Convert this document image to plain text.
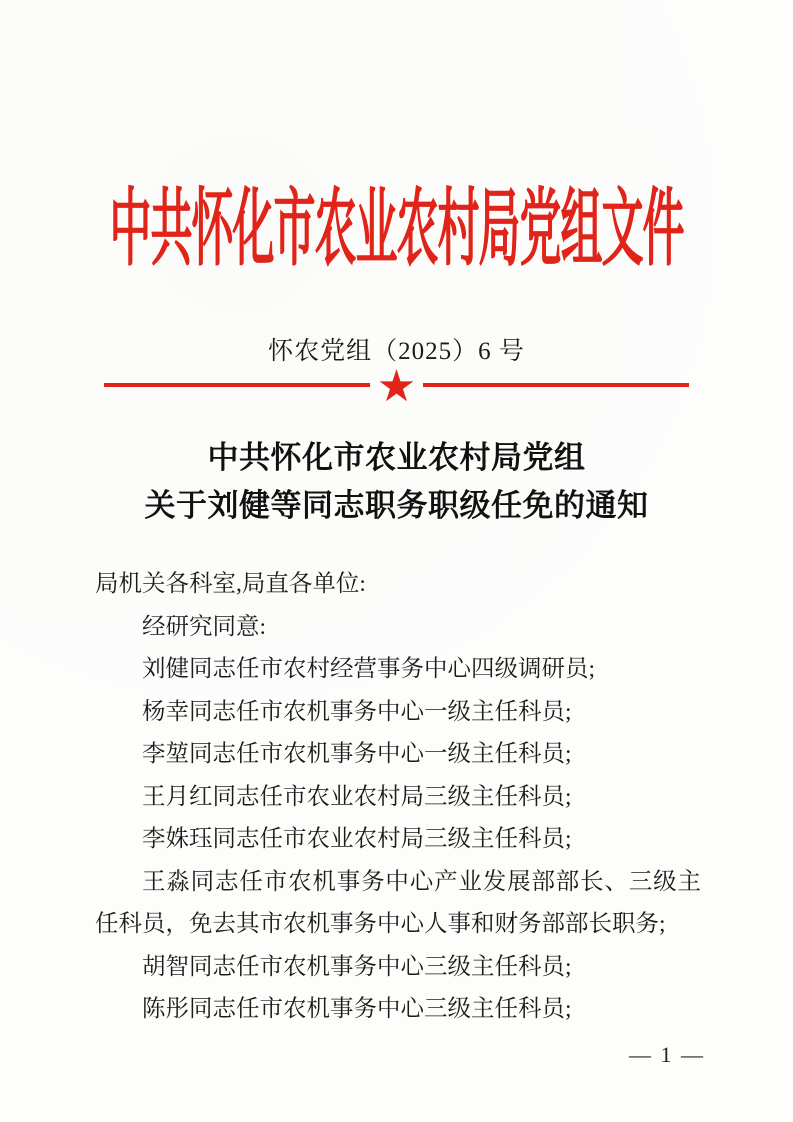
中共怀化市农业农村局党组文件
怀农党组（2025）6 号
★
中共怀化市农业农村局党组
关于刘健等同志职务职级任免的通知

局机关各科室,局直各单位:

经研究同意:

刘健同志任市农村经营事务中心四级调研员;

杨幸同志任市农机事务中心一级主任科员;

李堃同志任市农机事务中心一级主任科员;

王月红同志任市农业农村局三级主任科员;

李姝珏同志任市农业农村局三级主任科员;

王淼同志任市农机事务中心产业发展部部长、三级主任科员，免去其市农机事务中心人事和财务部部长职务;

胡智同志任市农机事务中心三级主任科员;

陈彤同志任市农机事务中心三级主任科员;

— 1 —
